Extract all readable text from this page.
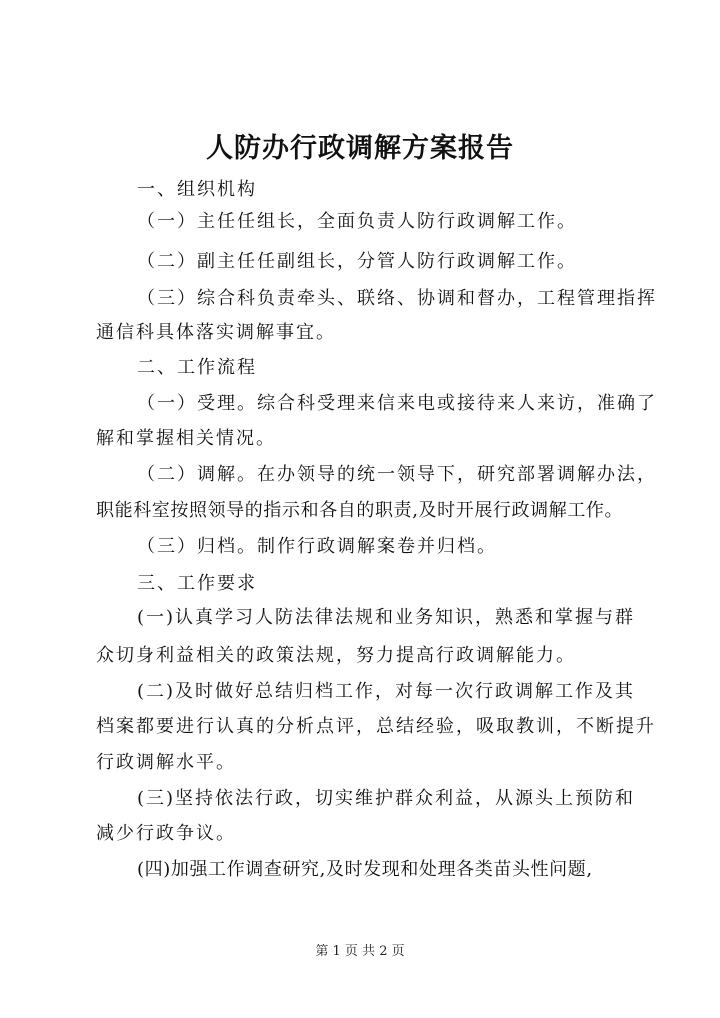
人防办行政调解方案报告

一、组织机构

（一）主任任组长，全面负责人防行政调解工作。

（二）副主任任副组长，分管人防行政调解工作。

（三）综合科负责牵头、联络、协调和督办，工程管理指挥

通信科具体落实调解事宜。

二、工作流程

（一）受理。综合科受理来信来电或接待来人来访，准确了

解和掌握相关情况。

（二）调解。在办领导的统一领导下，研究部署调解办法，

职能科室按照领导的指示和各自的职责,及时开展行政调解工作。

（三）归档。制作行政调解案卷并归档。

三、工作要求

(一)认真学习人防法律法规和业务知识，熟悉和掌握与群

众切身利益相关的政策法规，努力提高行政调解能力。

(二)及时做好总结归档工作，对每一次行政调解工作及其

档案都要进行认真的分析点评，总结经验，吸取教训，不断提升

行政调解水平。

(三)坚持依法行政，切实维护群众利益，从源头上预防和

减少行政争议。

(四)加强工作调查研究,及时发现和处理各类苗头性问题,

第 1 页 共 2 页
